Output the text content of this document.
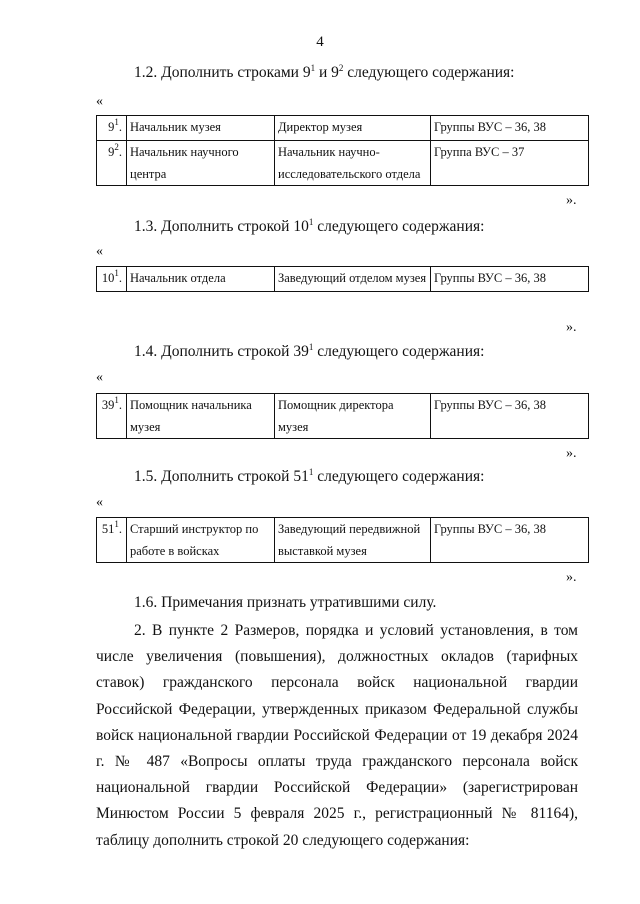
4
1.2. Дополнить строками $9^1$ и $9^2$ следующего содержания:
«
$9^1$.	Начальник музея	Директор музея	Группы ВУС – 36, 38
$9^2$.	Начальник научного центра	Начальник научно-исследовательского отдела	Группа ВУС – 37
».
1.3. Дополнить строкой $10^1$ следующего содержания:
«
$10^1$.	Начальник отдела	Заведующий отделом музея	Группы ВУС – 36, 38
».
1.4. Дополнить строкой $39^1$ следующего содержания:
«
$39^1$.	Помощник начальника музея	Помощник директора музея	Группы ВУС – 36, 38
».
1.5. Дополнить строкой $51^1$ следующего содержания:
«
$51^1$.	Старший инструктор по работе в войсках	Заведующий передвижной выставкой музея	Группы ВУС – 36, 38
».
1.6. Примечания признать утратившими силу.
2. В пункте 2 Размеров, порядка и условий установления, в том числе увеличения (повышения), должностных окладов (тарифных ставок) гражданского персонала войск национальной гвардии Российской Федерации, утвержденных приказом Федеральной службы войск национальной гвардии Российской Федерации от 19 декабря 2024 г. № 487 «Вопросы оплаты труда гражданского персонала войск национальной гвардии Российской Федерации» (зарегистрирован Минюстом России 5 февраля 2025 г., регистрационный № 81164), таблицу дополнить строкой 20 следующего содержания:
